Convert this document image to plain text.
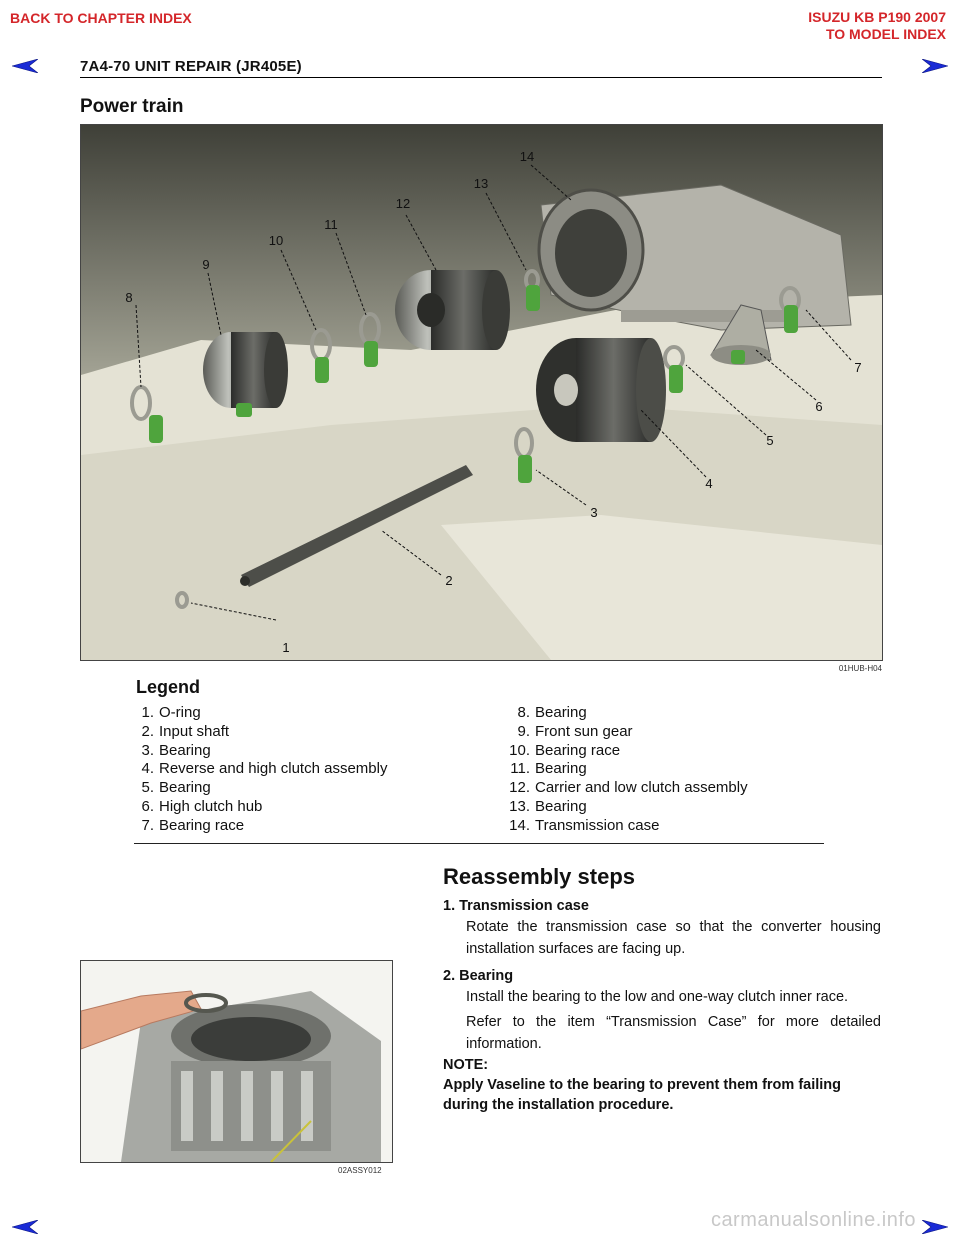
BACK TO CHAPTER INDEX	ISUZU KB P190 2007
TO MODEL INDEX
7A4-70 UNIT REPAIR (JR405E)
Power train
1
2
3
4
5
6
7
8
9
10
11
12
13
14
01HUB-H04
Legend
1. O-ring
2. Input shaft
3. Bearing
4. Reverse and high clutch assembly
5. Bearing
6. High clutch hub
7. Bearing race
8. Bearing
9. Front sun gear
10. Bearing race
11. Bearing
12. Carrier and low clutch assembly
13. Bearing
14. Transmission case
02ASSY012
Reassembly steps
1. Transmission case
Rotate the transmission case so that the converter housing installation surfaces are facing up.
2. Bearing
Install the bearing to the low and one-way clutch inner race.
Refer to the item “Transmission Case” for more detailed information.
NOTE:
Apply Vaseline to the bearing to prevent them from failing during the installation procedure.
carmanualsonline.info
